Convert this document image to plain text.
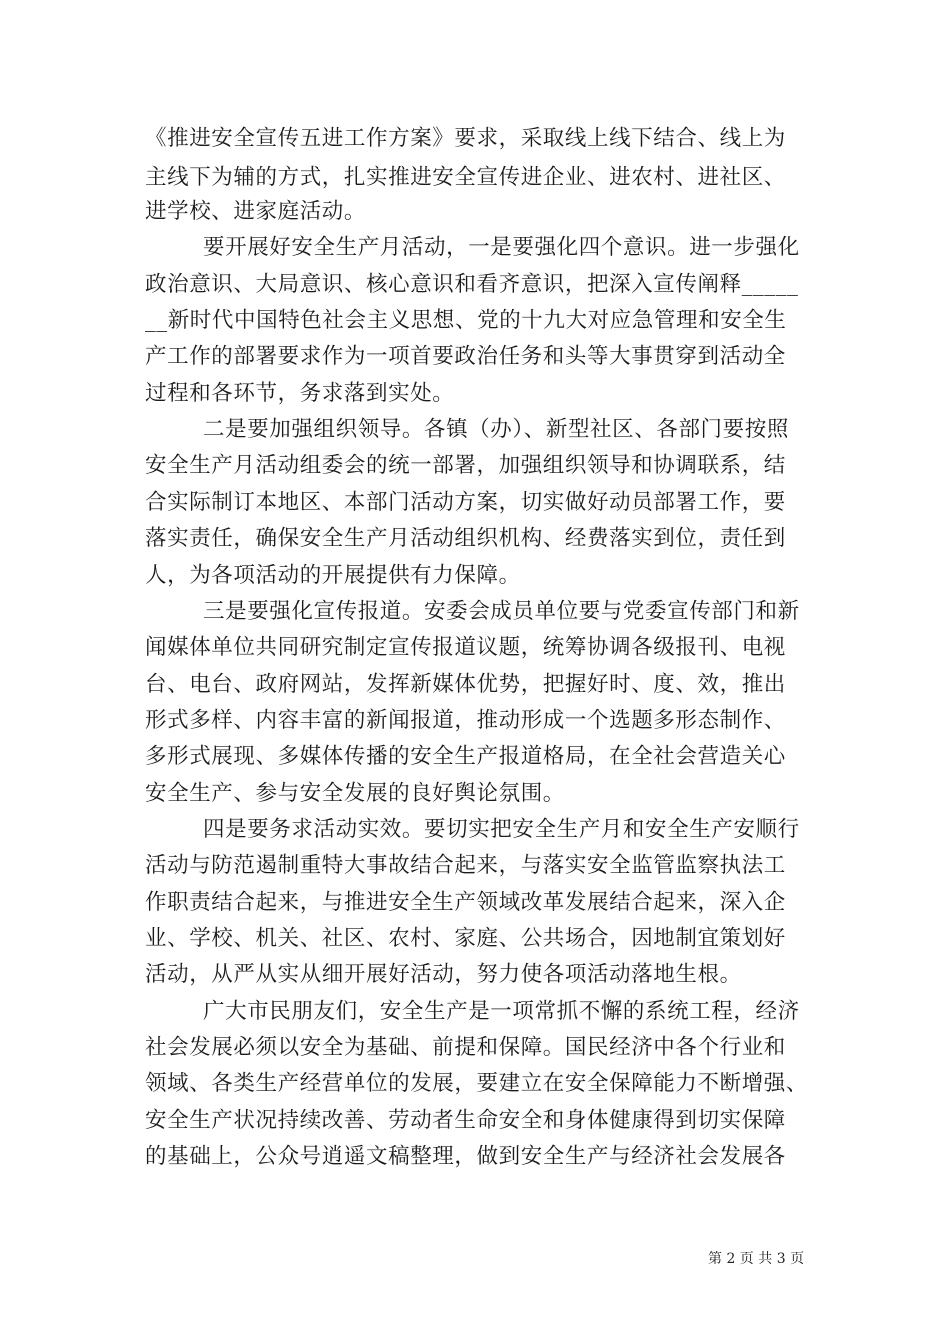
《推进安全宣传五进工作方案》要求，采取线上线下结合、线上为
主线下为辅的方式，扎实推进安全宣传进企业、进农村、进社区、
进学校、进家庭活动。
要开展好安全生产月活动，一是要强化四个意识。进一步强化
政治意识、大局意识、核心意识和看齐意识，把深入宣传阐释_____
__新时代中国特色社会主义思想、党的十九大对应急管理和安全生
产工作的部署要求作为一项首要政治任务和头等大事贯穿到活动全
过程和各环节，务求落到实处。
二是要加强组织领导。各镇（办）、新型社区、各部门要按照
安全生产月活动组委会的统一部署，加强组织领导和协调联系，结
合实际制订本地区、本部门活动方案，切实做好动员部署工作，要
落实责任，确保安全生产月活动组织机构、经费落实到位，责任到
人，为各项活动的开展提供有力保障。
三是要强化宣传报道。安委会成员单位要与党委宣传部门和新
闻媒体单位共同研究制定宣传报道议题，统筹协调各级报刊、电视
台、电台、政府网站，发挥新媒体优势，把握好时、度、效，推出
形式多样、内容丰富的新闻报道，推动形成一个选题多形态制作、
多形式展现、多媒体传播的安全生产报道格局，在全社会营造关心
安全生产、参与安全发展的良好舆论氛围。
四是要务求活动实效。要切实把安全生产月和安全生产安顺行
活动与防范遏制重特大事故结合起来，与落实安全监管监察执法工
作职责结合起来，与推进安全生产领域改革发展结合起来，深入企
业、学校、机关、社区、农村、家庭、公共场合，因地制宜策划好
活动，从严从实从细开展好活动，努力使各项活动落地生根。
广大市民朋友们，安全生产是一项常抓不懈的系统工程，经济
社会发展必须以安全为基础、前提和保障。国民经济中各个行业和
领域、各类生产经营单位的发展，要建立在安全保障能力不断增强、
安全生产状况持续改善、劳动者生命安全和身体健康得到切实保障
的基础上，公众号逍遥文稿整理，做到安全生产与经济社会发展各
第 2 页 共 3 页
